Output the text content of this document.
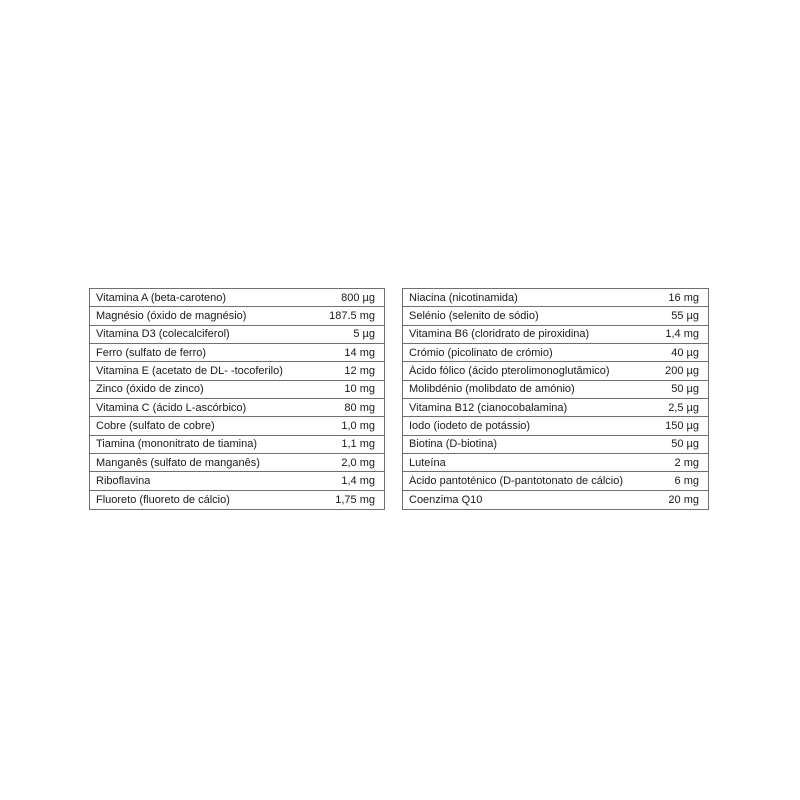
Vitamina A (beta-caroteno)	800 µg
Magnésio (óxido de magnésio)	187.5 mg
Vitamina D3 (colecalciferol)	5 µg
Ferro (sulfato de ferro)	14 mg
Vitamina E (acetato de DL- -tocoferilo)	12 mg
Zinco (óxido de zinco)	10 mg
Vitamina C (ácido L-ascórbico)	80 mg
Cobre (sulfato de cobre)	1,0 mg
Tiamina (mononitrato de tiamina)	1,1 mg
Manganês (sulfato de manganês)	2,0 mg
Riboflavina	1,4 mg
Fluoreto (fluoreto de cálcio)	1,75 mg
Niacina (nicotinamida)	16 mg
Selénio (selenito de sódio)	55 µg
Vitamina B6 (cloridrato de piroxidina)	1,4 mg
Crómio (picolinato de crómio)	40 µg
Ácido fólico (ácido pterolimonoglutâmico)	200 µg
Molibdénio (molibdato de amónio)	50 µg
Vitamina B12 (cianocobalamina)	2,5 µg
Iodo (iodeto de potássio)	150 µg
Biotina (D-biotina)	50 µg
Luteína	2 mg
Ácido pantoténico (D-pantotonato de cálcio)	6 mg
Coenzima Q10	20 mg
